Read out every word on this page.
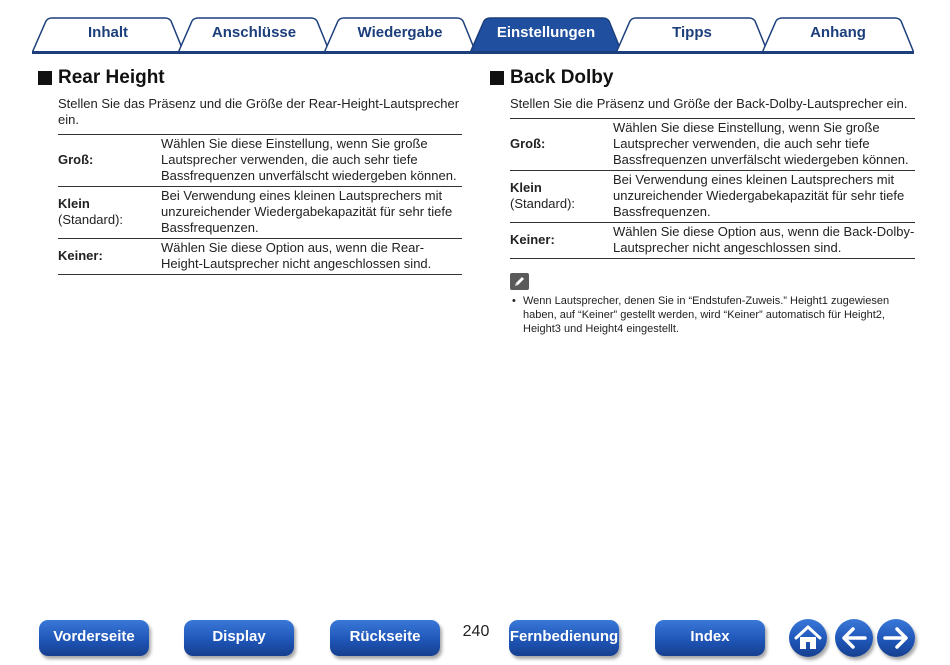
Inhalt	Anschlüsse	Wiedergabe	Einstellungen	Tipps	Anhang
Rear Height

Stellen Sie das Präsenz und die Größe der Rear-Height-Lautsprecher ein.

Groß:	Wählen Sie diese Einstellung, wenn Sie große Lautsprecher verwenden, die auch sehr tiefe Bassfrequenzen unverfälscht wiedergeben können.
Klein
(Standard):	Bei Verwendung eines kleinen Lautsprechers mit unzureichender Wiedergabekapazität für sehr tiefe Bassfrequenzen.
Keiner:	Wählen Sie diese Option aus, wenn die Rear-Height-Lautsprecher nicht angeschlossen sind.
Back Dolby

Stellen Sie die Präsenz und Größe der Back-Dolby-Lautsprecher ein.

Groß:	Wählen Sie diese Einstellung, wenn Sie große Lautsprecher verwenden, die auch sehr tiefe Bassfrequenzen unverfälscht wiedergeben können.
Klein
(Standard):	Bei Verwendung eines kleinen Lautsprechers mit unzureichender Wiedergabekapazität für sehr tiefe Bassfrequenzen.
Keiner:	Wählen Sie diese Option aus, wenn die Back-Dolby-Lautsprecher nicht angeschlossen sind.
• Wenn Lautsprecher, denen Sie in “Endstufen-Zuweis.” Height1 zugewiesen haben, auf “Keiner” gestellt werden, wird “Keiner” automatisch für Height2, Height3 und Height4 eingestellt.
Vorderseite	Display	Rückseite	240	Fernbedienung	Index
